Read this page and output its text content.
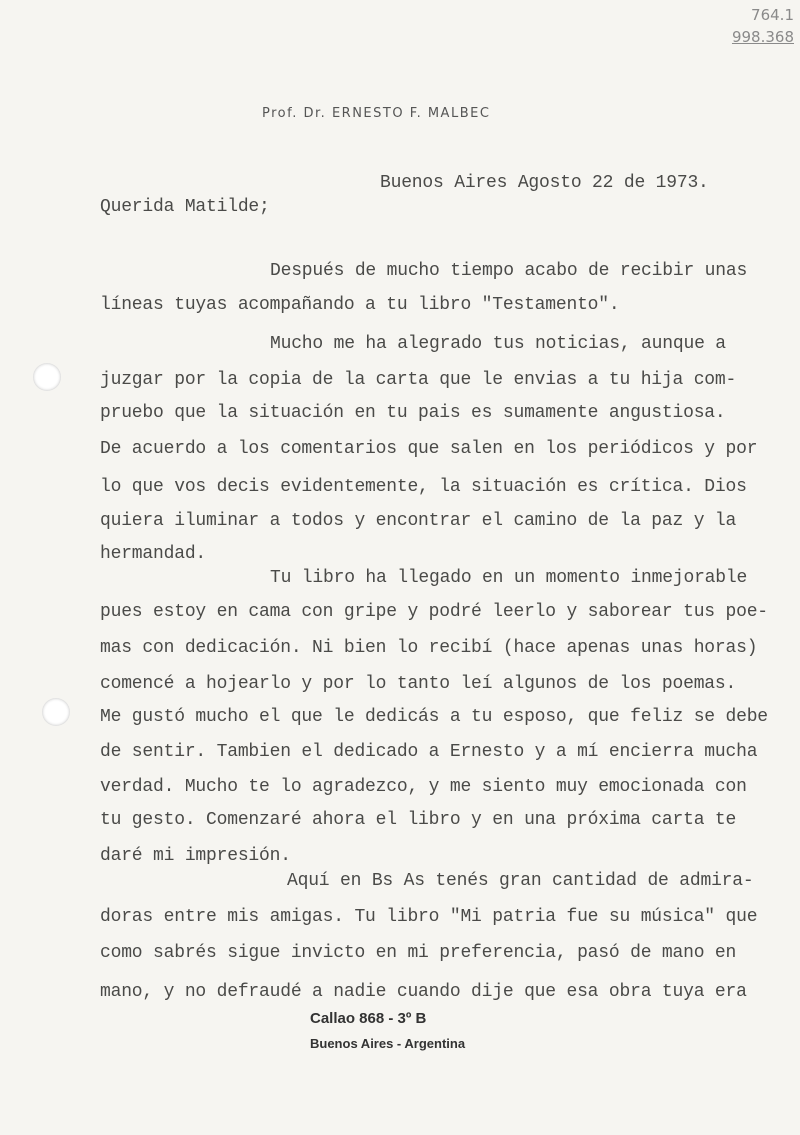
764.1
998.368
Prof. Dr. ERNESTO F. MALBEC
Buenos Aires Agosto 22 de 1973.
Querida Matilde;
Después de mucho tiempo acabo de recibir unas
líneas tuyas acompañando a tu libro "Testamento".
Mucho me ha alegrado tus noticias, aunque a
juzgar por la copia de la carta que le envias a tu hija com-
pruebo que la situación en tu pais es sumamente angustiosa.
De acuerdo a los comentarios que salen en los periódicos y por
lo que vos decis evidentemente, la situación es crítica. Dios
quiera iluminar a todos y encontrar el camino de la paz y la
hermandad.
Tu libro ha llegado en un momento inmejorable
pues estoy en cama con gripe y podré leerlo y saborear tus poe-
mas con dedicación. Ni bien lo recibí (hace apenas unas horas)
comencé a hojearlo y por lo tanto leí algunos de los poemas.
Me gustó mucho el que le dedicás a tu esposo, que feliz se debe
de sentir. Tambien el dedicado a Ernesto y a mí encierra mucha
verdad. Mucho te lo agradezco, y me siento muy emocionada con
tu gesto. Comenzaré ahora el libro y en una próxima carta te
daré mi impresión.
Aquí en Bs As tenés gran cantidad de admira-
doras entre mis amigas. Tu libro "Mi patria fue su música" que
como sabrés sigue invicto en mi preferencia, pasó de mano en
mano, y no defraudé a nadie cuando dije que esa obra tuya era
Callao 868 - 3º B
Buenos Aires - Argentina
